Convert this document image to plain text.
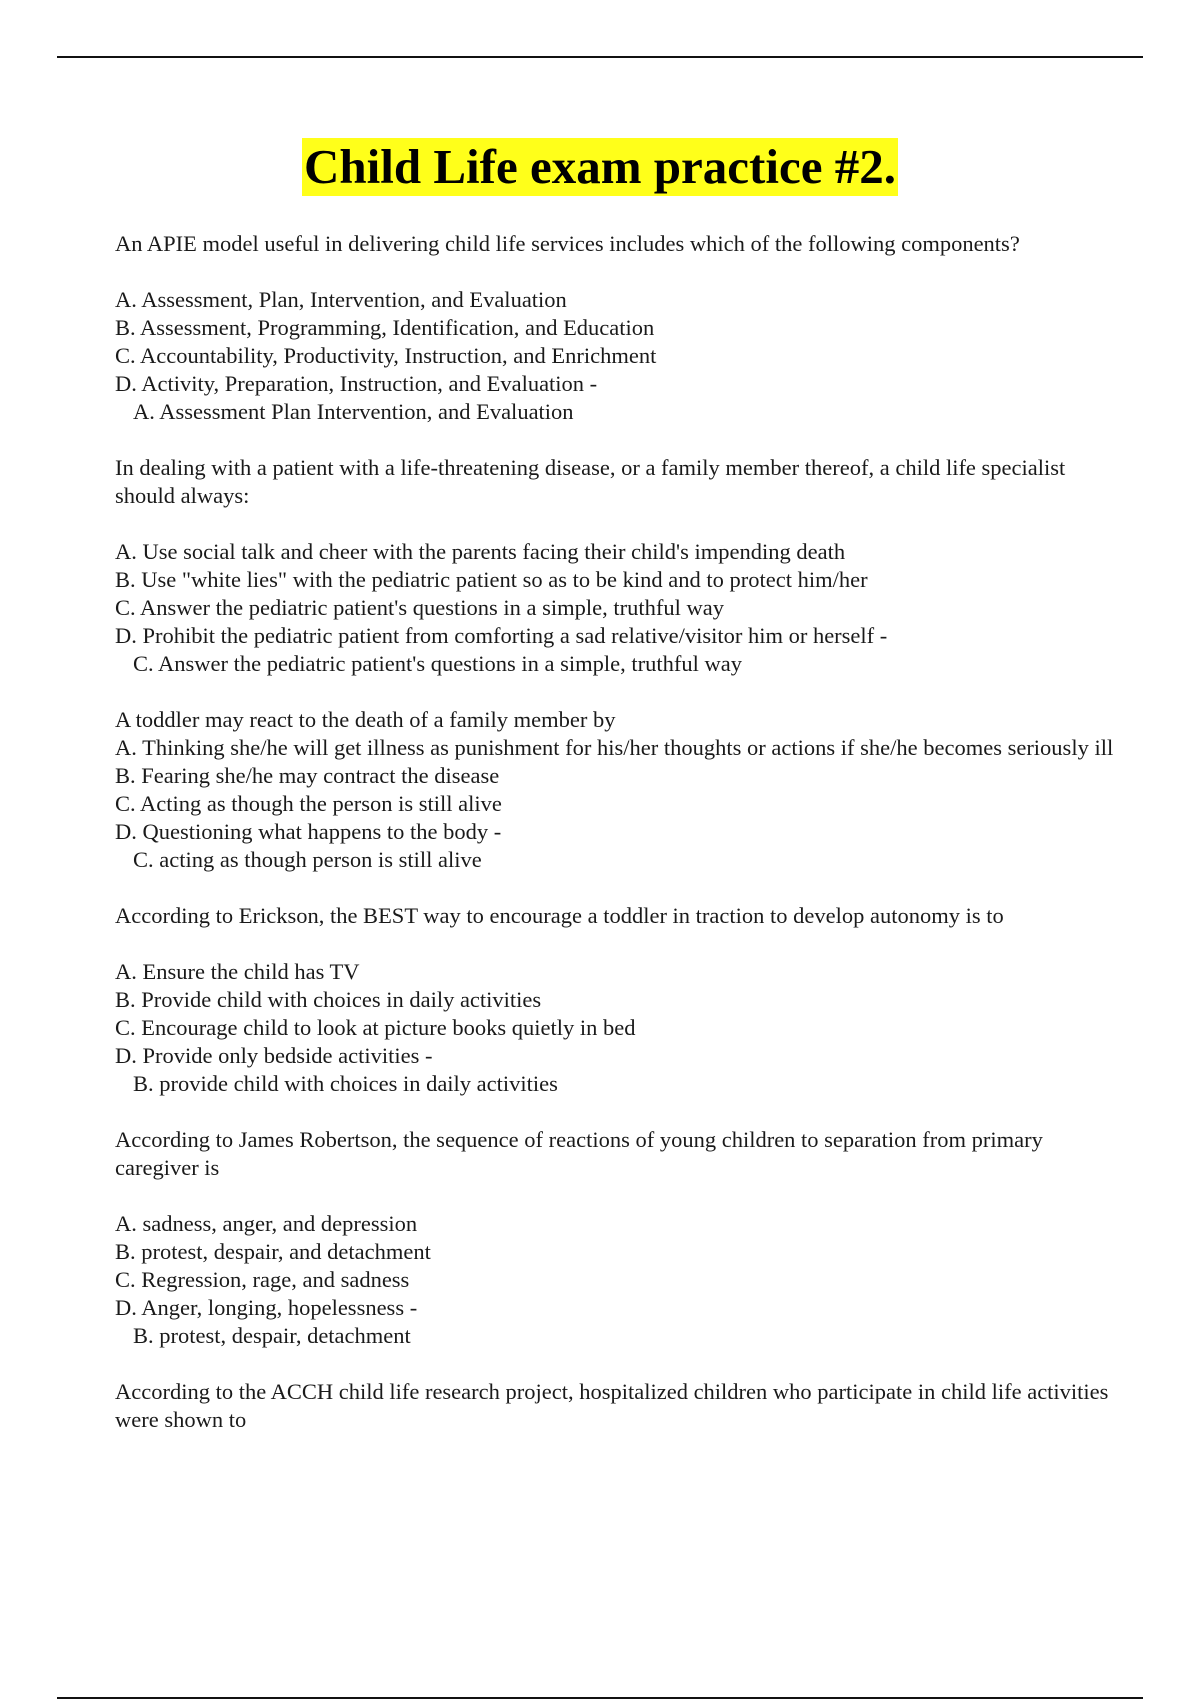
Child Life exam practice #2.
An APIE model useful in delivering child life services includes which of the following components?
A. Assessment, Plan, Intervention, and Evaluation
B. Assessment, Programming, Identification, and Education
C. Accountability, Productivity, Instruction, and Enrichment
D. Activity, Preparation, Instruction, and Evaluation -
A. Assessment Plan Intervention, and Evaluation
In dealing with a patient with a life-threatening disease, or a family member thereof, a child life specialist should always:
A. Use social talk and cheer with the parents facing their child's impending death
B. Use "white lies" with the pediatric patient so as to be kind and to protect him/her
C. Answer the pediatric patient's questions in a simple, truthful way
D. Prohibit the pediatric patient from comforting a sad relative/visitor him or herself -
C. Answer the pediatric patient's questions in a simple, truthful way
A toddler may react to the death of a family member by
A. Thinking she/he will get illness as punishment for his/her thoughts or actions if she/he becomes seriously ill
B. Fearing she/he may contract the disease
C. Acting as though the person is still alive
D. Questioning what happens to the body -
C. acting as though person is still alive
According to Erickson, the BEST way to encourage a toddler in traction to develop autonomy is to
A. Ensure the child has TV
B. Provide child with choices in daily activities
C. Encourage child to look at picture books quietly in bed
D. Provide only bedside activities -
B. provide child with choices in daily activities
According to James Robertson, the sequence of reactions of young children to separation from primary caregiver is
A. sadness, anger, and depression
B. protest, despair, and detachment
C. Regression, rage, and sadness
D. Anger, longing, hopelessness -
B. protest, despair, detachment
According to the ACCH child life research project, hospitalized children who participate in child life activities were shown to
